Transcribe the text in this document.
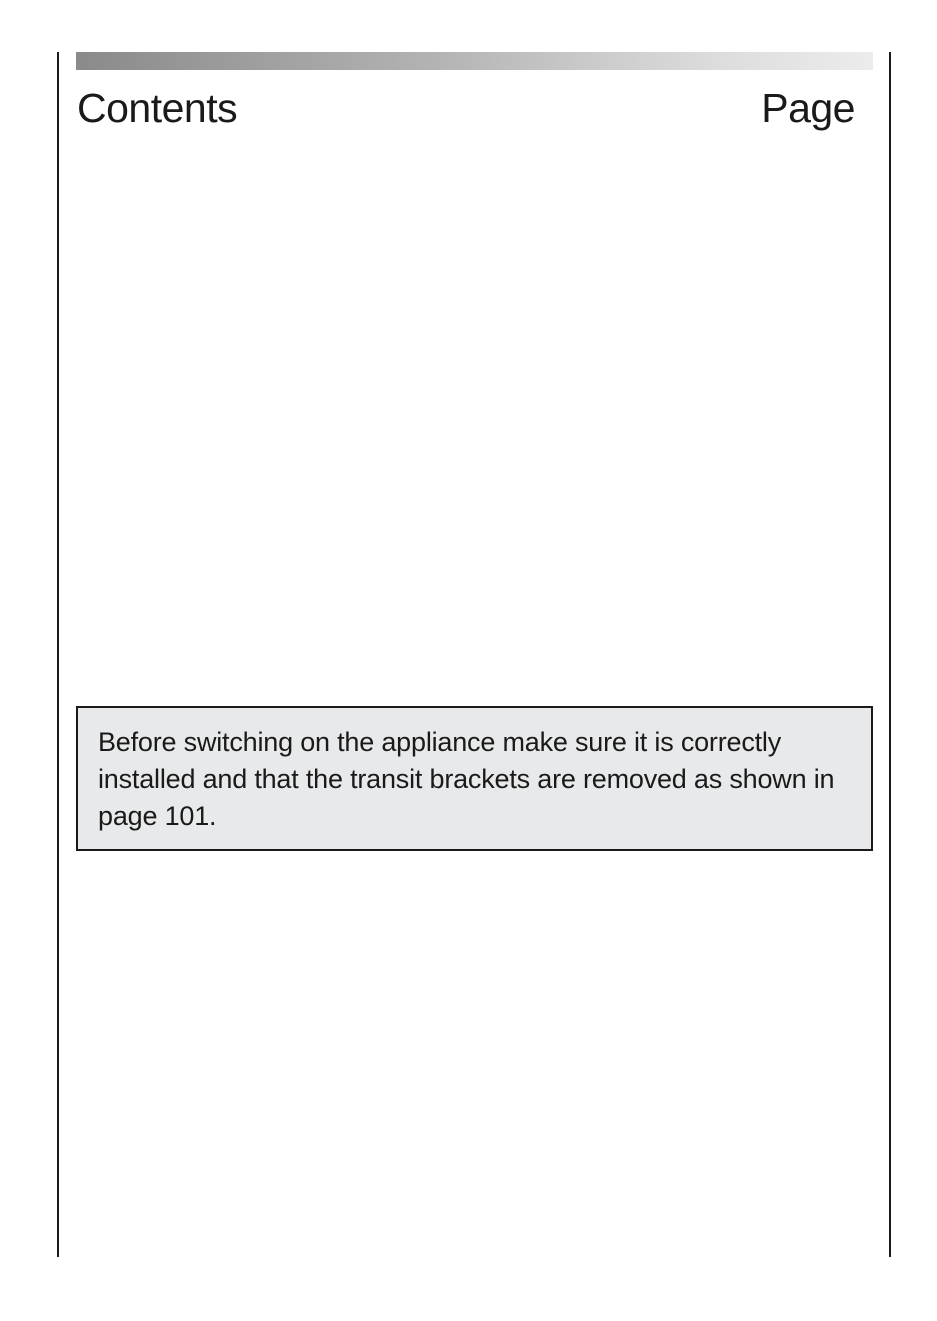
Contents	Page

Before switching on the appliance make sure it is correctly installed and that the transit brackets are removed as shown in page 101.
